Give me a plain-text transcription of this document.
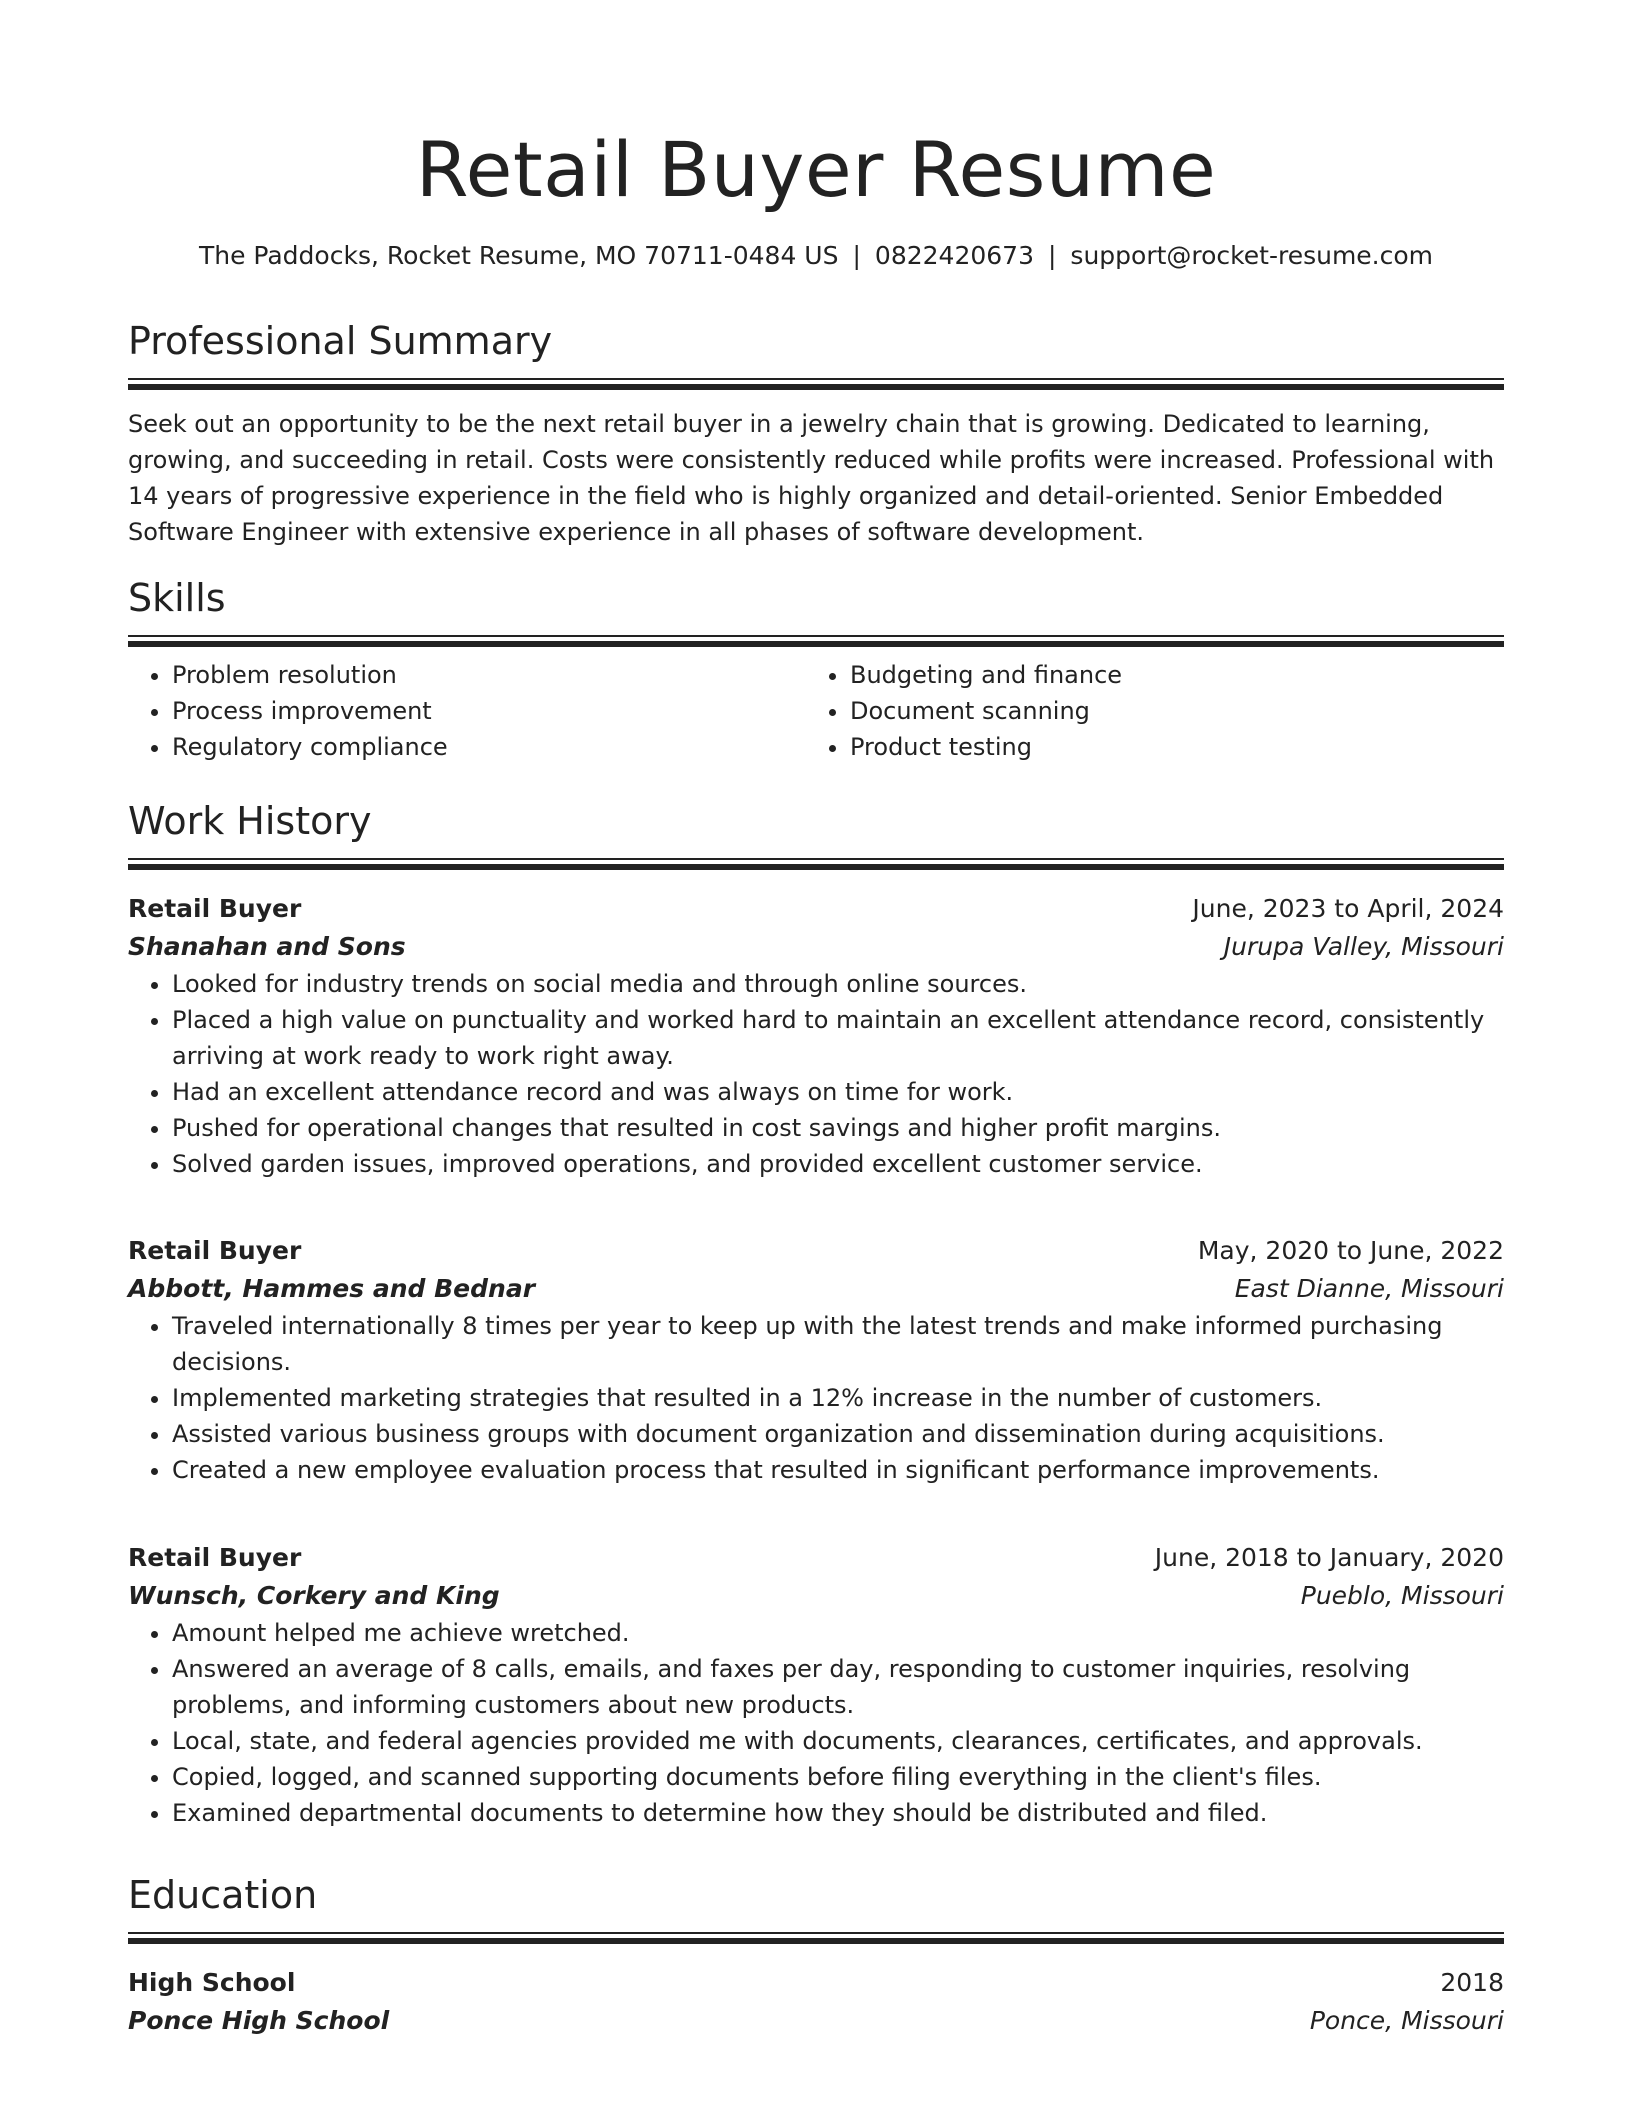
Retail Buyer Resume
The Paddocks, Rocket Resume, MO 70711-0484 US | 0822420673 | support@rocket-resume.com
Professional Summary

Seek out an opportunity to be the next retail buyer in a jewelry chain that is growing. Dedicated to learning, growing, and succeeding in retail. Costs were consistently reduced while profits were increased. Professional with 14 years of progressive experience in the field who is highly organized and detail-oriented. Senior Embedded Software Engineer with extensive experience in all phases of software development.

Skills
• Problem resolution
• Process improvement
• Regulatory compliance
• Budgeting and finance
• Document scanning
• Product testing
Work History
Retail Buyer	June, 2023 to April, 2024
Shanahan and Sons	Jurupa Valley, Missouri
• Looked for industry trends on social media and through online sources.
• Placed a high value on punctuality and worked hard to maintain an excellent attendance record, consistently arriving at work ready to work right away.
• Had an excellent attendance record and was always on time for work.
• Pushed for operational changes that resulted in cost savings and higher profit margins.
• Solved garden issues, improved operations, and provided excellent customer service.
Retail Buyer	May, 2020 to June, 2022
Abbott, Hammes and Bednar	East Dianne, Missouri
• Traveled internationally 8 times per year to keep up with the latest trends and make informed purchasing decisions.
• Implemented marketing strategies that resulted in a 12% increase in the number of customers.
• Assisted various business groups with document organization and dissemination during acquisitions.
• Created a new employee evaluation process that resulted in significant performance improvements.
Retail Buyer	June, 2018 to January, 2020
Wunsch, Corkery and King	Pueblo, Missouri
• Amount helped me achieve wretched.
• Answered an average of 8 calls, emails, and faxes per day, responding to customer inquiries, resolving problems, and informing customers about new products.
• Local, state, and federal agencies provided me with documents, clearances, certificates, and approvals.
• Copied, logged, and scanned supporting documents before filing everything in the client's files.
• Examined departmental documents to determine how they should be distributed and filed.
Education
High School	2018
Ponce High School	Ponce, Missouri
